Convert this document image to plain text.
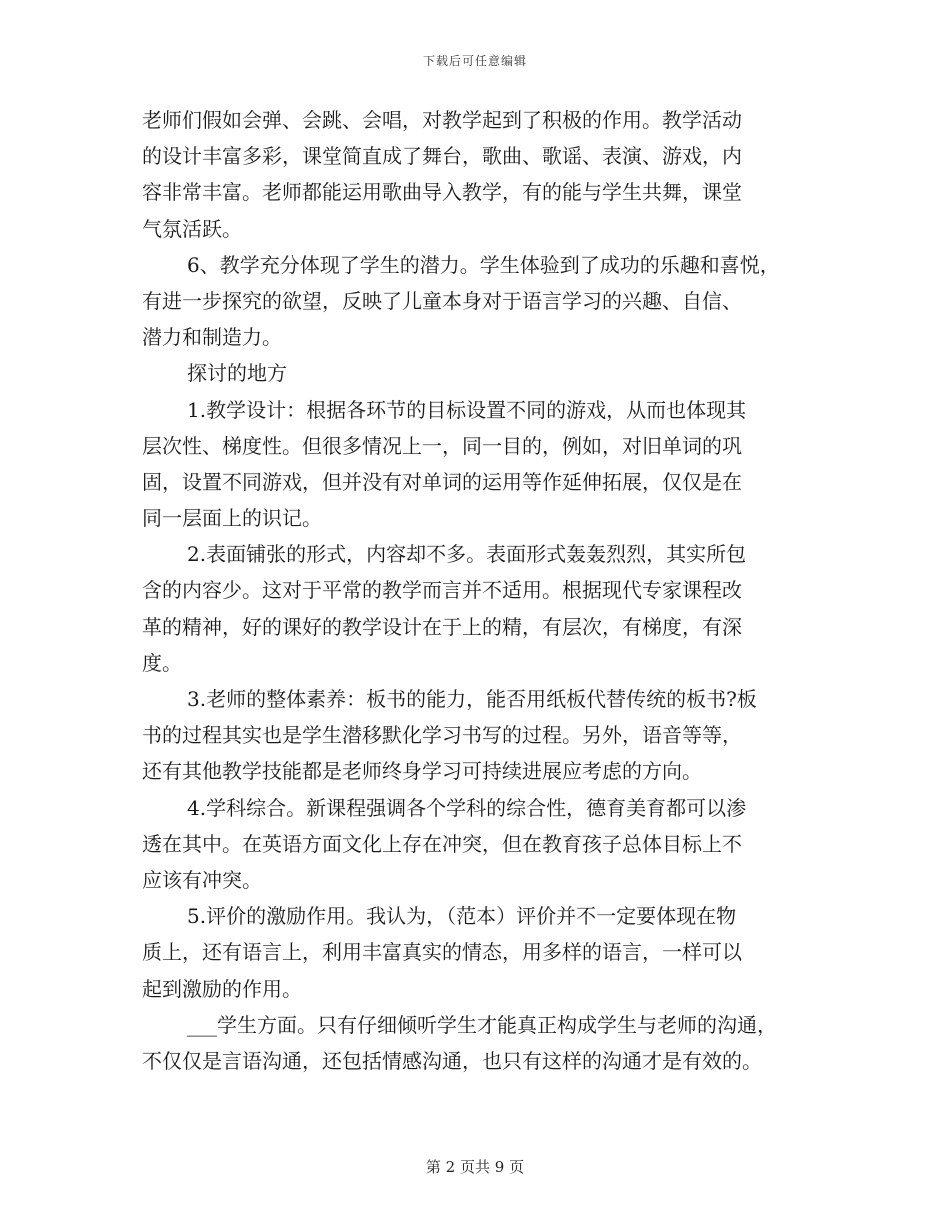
下载后可任意编辑
老师们假如会弹、会跳、会唱，对教学起到了积极的作用。教学活动
的设计丰富多彩，课堂简直成了舞台，歌曲、歌谣、表演、游戏，内
容非常丰富。老师都能运用歌曲导入教学，有的能与学生共舞，课堂
气氛活跃。
6、教学充分体现了学生的潜力。学生体验到了成功的乐趣和喜悦，
有进一步探究的欲望，反映了儿童本身对于语言学习的兴趣、自信、
潜力和制造力。
探讨的地方
1.教学设计：根据各环节的目标设置不同的游戏，从而也体现其
层次性、梯度性。但很多情况上一，同一目的，例如，对旧单词的巩
固，设置不同游戏，但并没有对单词的运用等作延伸拓展，仅仅是在
同一层面上的识记。
2.表面铺张的形式，内容却不多。表面形式轰轰烈烈，其实所包
含的内容少。这对于平常的教学而言并不适用。根据现代专家课程改
革的精神，好的课好的教学设计在于上的精，有层次，有梯度，有深
度。
3.老师的整体素养：板书的能力，能否用纸板代替传统的板书?板
书的过程其实也是学生潜移默化学习书写的过程。另外，语音等等，
还有其他教学技能都是老师终身学习可持续进展应考虑的方向。
4.学科综合。新课程强调各个学科的综合性，德育美育都可以渗
透在其中。在英语方面文化上存在冲突，但在教育孩子总体目标上不
应该有冲突。
5.评价的激励作用。我认为，（范本）评价并不一定要体现在物
质上，还有语言上，利用丰富真实的情态，用多样的语言，一样可以
起到激励的作用。
___学生方面。只有仔细倾听学生才能真正构成学生与老师的沟通，
不仅仅是言语沟通，还包括情感沟通，也只有这样的沟通才是有效的。
第 2 页共 9 页
